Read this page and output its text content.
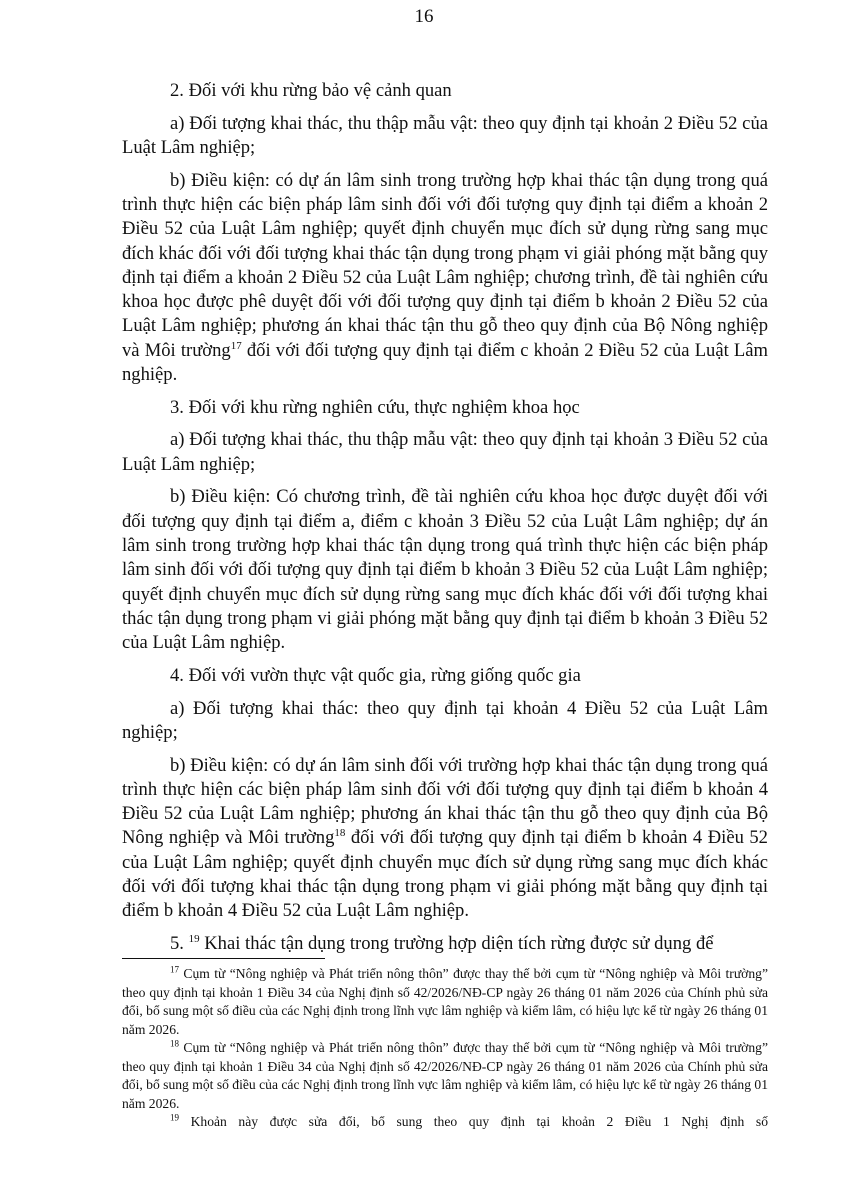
16

2. Đối với khu rừng bảo vệ cảnh quan

a) Đối tượng khai thác, thu thập mẫu vật: theo quy định tại khoản 2 Điều 52 của Luật Lâm nghiệp;

b) Điều kiện: có dự án lâm sinh trong trường hợp khai thác tận dụng trong quá trình thực hiện các biện pháp lâm sinh đối với đối tượng quy định tại điểm a khoản 2 Điều 52 của Luật Lâm nghiệp; quyết định chuyển mục đích sử dụng rừng sang mục đích khác đối với đối tượng khai thác tận dụng trong phạm vi giải phóng mặt bằng quy định tại điểm a khoản 2 Điều 52 của Luật Lâm nghiệp; chương trình, đề tài nghiên cứu khoa học được phê duyệt đối với đối tượng quy định tại điểm b khoản 2 Điều 52 của Luật Lâm nghiệp; phương án khai thác tận thu gỗ theo quy định của Bộ Nông nghiệp và Môi trường$^{17}$ đối với đối tượng quy định tại điểm c khoản 2 Điều 52 của Luật Lâm nghiệp.

3. Đối với khu rừng nghiên cứu, thực nghiệm khoa học

a) Đối tượng khai thác, thu thập mẫu vật: theo quy định tại khoản 3 Điều 52 của Luật Lâm nghiệp;

b) Điều kiện: Có chương trình, đề tài nghiên cứu khoa học được duyệt đối với đối tượng quy định tại điểm a, điểm c khoản 3 Điều 52 của Luật Lâm nghiệp; dự án lâm sinh trong trường hợp khai thác tận dụng trong quá trình thực hiện các biện pháp lâm sinh đối với đối tượng quy định tại điểm b khoản 3 Điều 52 của Luật Lâm nghiệp; quyết định chuyển mục đích sử dụng rừng sang mục đích khác đối với đối tượng khai thác tận dụng trong phạm vi giải phóng mặt bằng quy định tại điểm b khoản 3 Điều 52 của Luật Lâm nghiệp.

4. Đối với vườn thực vật quốc gia, rừng giống quốc gia

a) Đối tượng khai thác: theo quy định tại khoản 4 Điều 52 của Luật Lâm nghiệp;

b) Điều kiện: có dự án lâm sinh đối với trường hợp khai thác tận dụng trong quá trình thực hiện các biện pháp lâm sinh đối với đối tượng quy định tại điểm b khoản 4 Điều 52 của Luật Lâm nghiệp; phương án khai thác tận thu gỗ theo quy định của Bộ Nông nghiệp và Môi trường$^{18}$ đối với đối tượng quy định tại điểm b khoản 4 Điều 52 của Luật Lâm nghiệp; quyết định chuyển mục đích sử dụng rừng sang mục đích khác đối với đối tượng khai thác tận dụng trong phạm vi giải phóng mặt bằng quy định tại điểm b khoản 4 Điều 52 của Luật Lâm nghiệp.

5. $^{19}$ Khai thác tận dụng trong trường hợp diện tích rừng được sử dụng để

$^{17}$ Cụm từ “Nông nghiệp và Phát triển nông thôn” được thay thế bởi cụm từ “Nông nghiệp và Môi trường” theo quy định tại khoản 1 Điều 34 của Nghị định số 42/2026/NĐ-CP ngày 26 tháng 01 năm 2026 của Chính phủ sửa đổi, bổ sung một số điều của các Nghị định trong lĩnh vực lâm nghiệp và kiểm lâm, có hiệu lực kể từ ngày 26 tháng 01 năm 2026.

$^{18}$ Cụm từ “Nông nghiệp và Phát triển nông thôn” được thay thế bởi cụm từ “Nông nghiệp và Môi trường” theo quy định tại khoản 1 Điều 34 của Nghị định số 42/2026/NĐ-CP ngày 26 tháng 01 năm 2026 của Chính phủ sửa đổi, bổ sung một số điều của các Nghị định trong lĩnh vực lâm nghiệp và kiểm lâm, có hiệu lực kể từ ngày 26 tháng 01 năm 2026.

$^{19}$ Khoản này được sửa đổi, bổ sung theo quy định tại khoản 2 Điều 1 Nghị định số
